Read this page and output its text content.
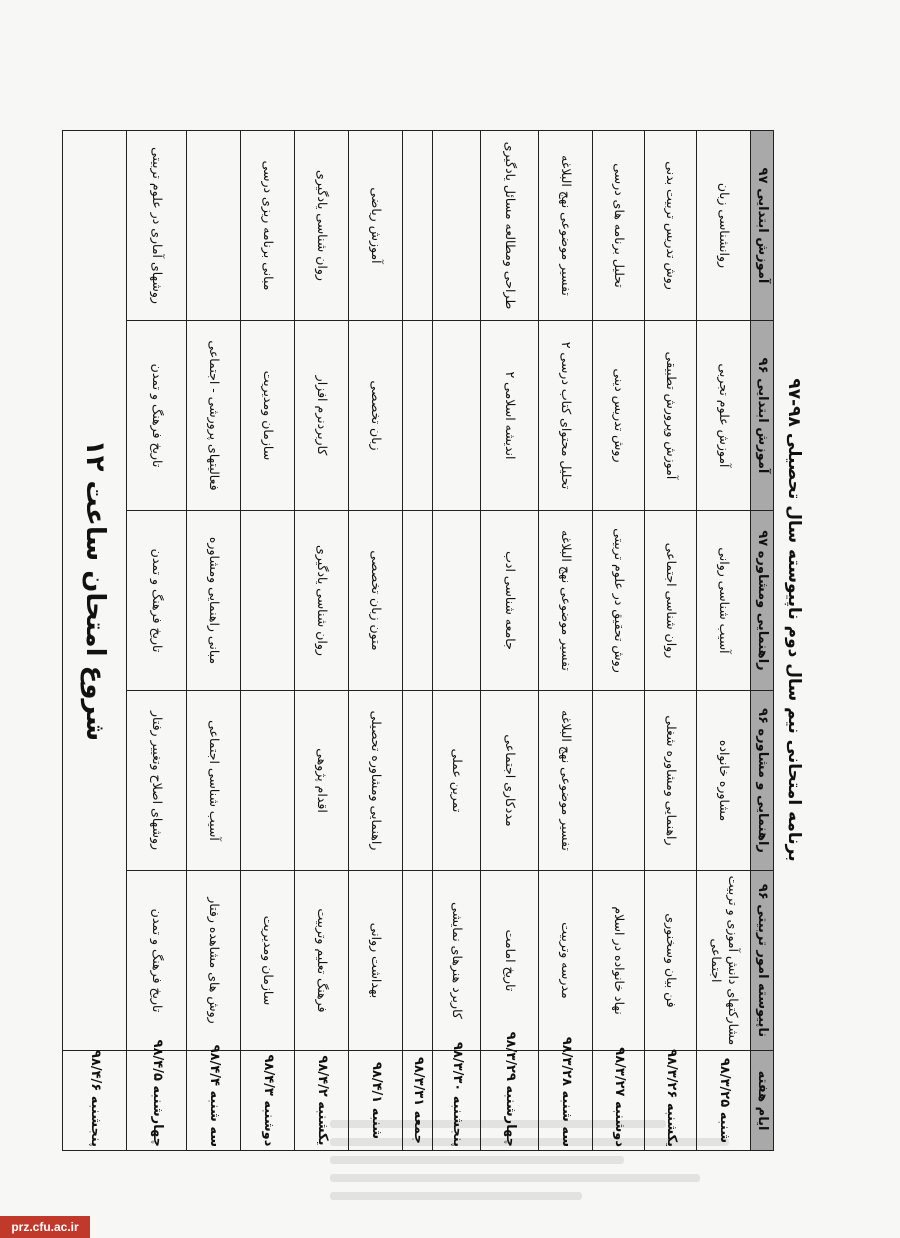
برنامه امتحانی نیم سال دوم ناپیوسته سال تحصیلی ۹۸-۹۷
ایام هفته	ناپیوسته امور تربیتی ۹۶	راهنمایی و مشاوره ۹۶	راهنمایی ومشاوره ۹۷	آموزش ابتدایی ۹۶	آموزش ابتدایی ۹۷
شنبه ۹۸/۳/۲۵	مشارکتهای دانش آموزی و تربیت اجتماعی	مشاوره خانواده	آسیب شناسی روانی	آموزش علوم تجربی	روانشناسی زبان
یکشنبه ۹۸/۳/۲۶	فن بیان وسخنوری	راهنمایی ومشاوره شغلی	روان شناسی اجتماعی	آموزش وپرورش تطبیقی	روش تدریس تربیت بدنی
دوشنبه ۹۸/۳/۲۷	نهاد خانواده در اسلام		روش تحقیق در علوم تربیتی	روش تدریس دینی	تحلیل برنامه های درسی
سه شنبه ۹۸/۳/۲۸	مدرسه وتربیت	تفسیر موضوعی نهج البلاغه	تفسیر موضوعی نهج البلاغه	تحلیل محتوای کتاب درسی ۲	تفسیر موضوعی نهج البلاغه
چهارشنبه ۹۸/۳/۲۹	تاریخ امامت	مددکاری اجتماعی	جامعه شناسی ادب	اندیشه اسلامی ۲	طراحی ومطالعه مسائل یادگیری
پنجشنبه ۹۸/۳/۳۰	کاربرد هنرهای نمایشی	تمرین عملی			
جمعه ۹۸/۳/۳۱					
شنبه ۹۸/۴/۱	بهداشت روانی	راهنمایی ومشاوره تحصیلی	متون زبان تخصصی	زبان تخصصی	آموزش ریاضی
یکشنبه ۹۸/۴/۲	فرهنگ تعلیم وتربیت	اقدام پژوهی	روان شناسی یادگیری	کاربردنرم افزار	روان شناسی یادگیری
دوشنبه ۹۸/۴/۳	سازمان ومدیریت			سازمان ومدیریت	مبانی برنامه ریزی درسی
سه شنبه ۹۸/۴/۴	روش های مشاهده رفتار	آسیب شناسی اجتماعی	مبانی راهنمایی ومشاوره	فعالیتهای پرورشی - اجتماعی	
چهارشنبه ۹۸/۴/۵	تاریخ فرهنگ و تمدن	روشهای اصلاح وتغییر رفتار	تاریخ فرهنگ و تمدن	تاریخ فرهنگ و تمدن	روشهای آماری در علوم تربیتی
پنجشنبه ۹۸/۴/۶	شروع امتحان ساعت ۱۲				
prz.cfu.ac.ir
